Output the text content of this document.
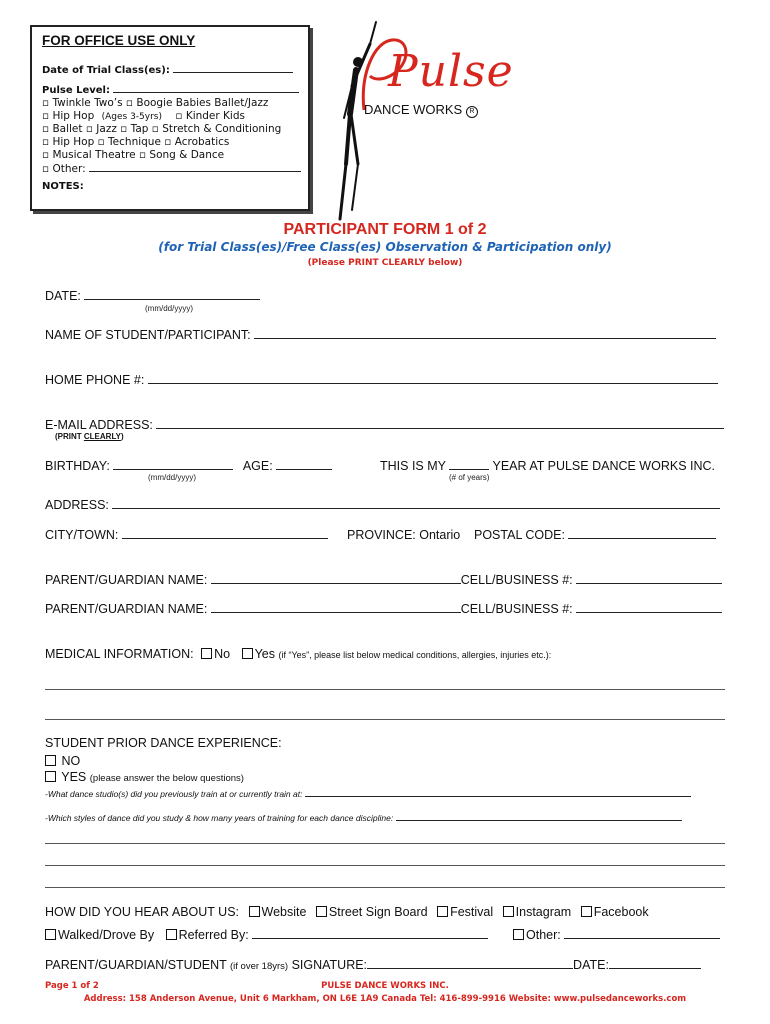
FOR OFFICE USE ONLY
Date of Trial Class(es):
Pulse Level:
▫ Twinkle Two’s ▫ Boogie Babies Ballet/Jazz
▫ Hip Hop (Ages 3-5yrs) ▫ Kinder Kids
▫ Ballet ▫ Jazz ▫ Tap ▫ Stretch & Conditioning
▫ Hip Hop ▫ Technique ▫ Acrobatics
▫ Musical Theatre ▫ Song & Dance
▫ Other:
NOTES:
Pulse
DANCE WORKS R
PARTICIPANT FORM 1 of 2
(for Trial Class(es)/Free Class(es) Observation & Participation only)
(Please PRINT CLEARLY below)
DATE:
(mm/dd/yyyy)
NAME OF STUDENT/PARTICIPANT:
HOME PHONE #:
E-MAIL ADDRESS:
(PRINT CLEARLY)
BIRTHDAY:	AGE:
(mm/dd/yyyy)
THIS IS MY	YEAR AT PULSE DANCE WORKS INC.
(# of years)
ADDRESS:
CITY/TOWN:	PROVINCE: Ontario POSTAL CODE:
PARENT/GUARDIAN NAME:	CELL/BUSINESS #:
PARENT/GUARDIAN NAME:	CELL/BUSINESS #:
MEDICAL INFORMATION: No Yes (if “Yes”, please list below medical conditions, allergies, injuries etc.):
STUDENT PRIOR DANCE EXPERIENCE:
NO
YES (please answer the below questions)
-What dance studio(s) did you previously train at or currently train at:
-Which styles of dance did you study & how many years of training for each dance discipline:
HOW DID YOU HEAR ABOUT US: Website Street Sign Board Festival Instagram Facebook
Walked/Drove By Referred By:	Other:
PARENT/GUARDIAN/STUDENT (if over 18yrs) SIGNATURE:	DATE:
Page 1 of 2	PULSE DANCE WORKS INC.
Address: 158 Anderson Avenue, Unit 6 Markham, ON L6E 1A9 Canada Tel: 416-899-9916 Website: www.pulsedanceworks.com
